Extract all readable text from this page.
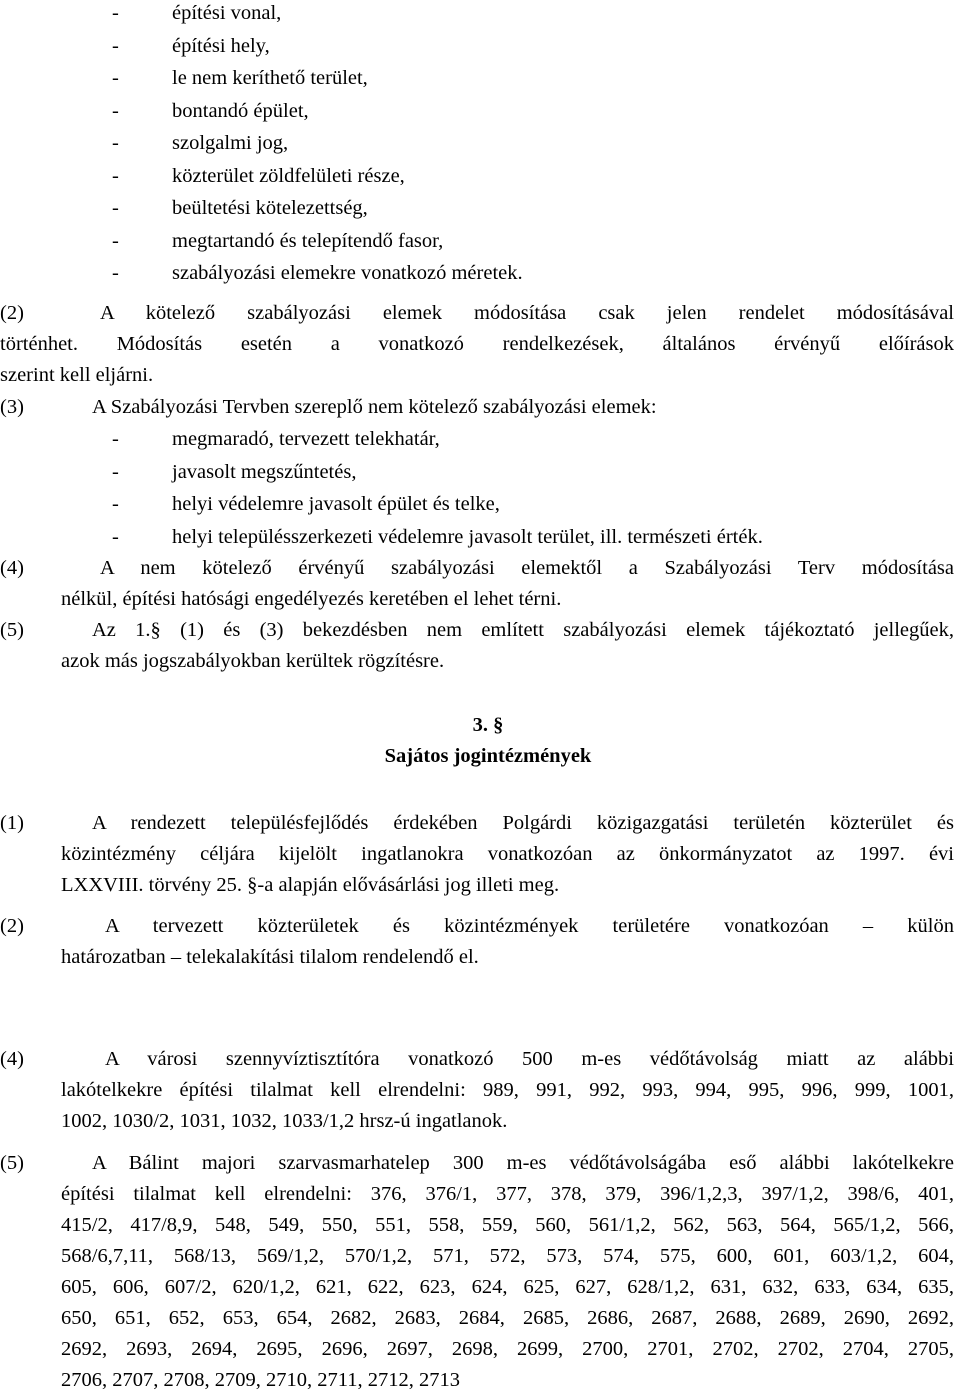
-	építési vonal,
-	építési hely,
-	le nem keríthető terület,
-	bontandó épület,
-	szolgalmi jog,
-	közterület zöldfelületi része,
-	beültetési kötelezettség,
-	megtartandó és telepítendő fasor,
-	szabályozási elemekre vonatkozó méretek.
(2)	A kötelező szabályozási elemek módosítása csak jelen rendelet módosításával
történhet. Módosítás esetén a vonatkozó rendelkezések, általános érvényű előírások
szerint kell eljárni.
(3)	A Szabályozási Tervben szereplő nem kötelező szabályozási elemek:
-	megmaradó, tervezett telekhatár,
-	javasolt megszűntetés,
-	helyi védelemre javasolt épület és telke,
-	helyi településszerkezeti védelemre javasolt terület, ill. természeti érték.
(4)	A nem kötelező érvényű szabályozási elemektől a Szabályozási Terv módosítása
nélkül, építési hatósági engedélyezés keretében el lehet térni.
(5)	Az 1.§ (1) és (3) bekezdésben nem említett szabályozási elemek tájékoztató jellegűek,
azok más jogszabályokban kerültek rögzítésre.
3. §
Sajátos jogintézmények
(1)	A rendezett településfejlődés érdekében Polgárdi közigazgatási területén közterület és
közintézmény céljára kijelölt ingatlanokra vonatkozóan az önkormányzatot az 1997. évi
LXXVIII. törvény 25. §-a alapján elővásárlási jog illeti meg.
(2)	A tervezett közterületek és közintézmények területére vonatkozóan – külön
határozatban – telekalakítási tilalom rendelendő el.
(4)	A városi szennyvíztisztítóra vonatkozó 500 m-es védőtávolság miatt az alábbi
lakótelkekre építési tilalmat kell elrendelni: 989, 991, 992, 993, 994, 995, 996, 999, 1001,
1002, 1030/2, 1031, 1032, 1033/1,2 hrsz-ú ingatlanok.
(5)	A Bálint majori szarvasmarhatelep 300 m-es védőtávolságába eső alábbi lakótelkekre
építési tilalmat kell elrendelni: 376, 376/1, 377, 378, 379, 396/1,2,3, 397/1,2, 398/6, 401,
415/2, 417/8,9, 548, 549, 550, 551, 558, 559, 560, 561/1,2, 562, 563, 564, 565/1,2, 566,
568/6,7,11, 568/13, 569/1,2, 570/1,2, 571, 572, 573, 574, 575, 600, 601, 603/1,2, 604,
605, 606, 607/2, 620/1,2, 621, 622, 623, 624, 625, 627, 628/1,2, 631, 632, 633, 634, 635,
650, 651, 652, 653, 654, 2682, 2683, 2684, 2685, 2686, 2687, 2688, 2689, 2690, 2692,
2692, 2693, 2694, 2695, 2696, 2697, 2698, 2699, 2700, 2701, 2702, 2702, 2704, 2705,
2706, 2707, 2708, 2709, 2710, 2711, 2712, 2713
